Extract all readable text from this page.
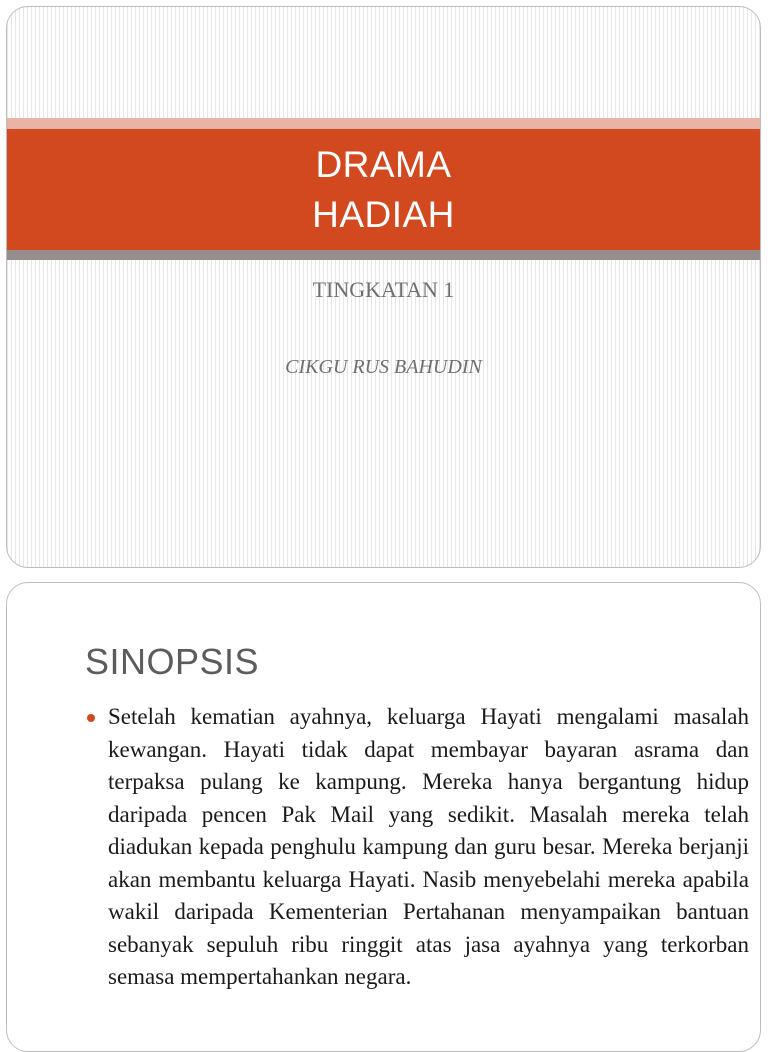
DRAMA
HADIAH
TINGKATAN 1
CIKGU RUS BAHUDIN
SINOPSIS

Setelah kematian ayahnya, keluarga Hayati mengalami masalah kewangan. Hayati tidak dapat membayar bayaran asrama dan terpaksa pulang ke kampung. Mereka hanya bergantung hidup daripada pencen Pak Mail yang sedikit. Masalah mereka telah diadukan kepada penghulu kampung dan guru besar. Mereka berjanji akan membantu keluarga Hayati. Nasib menyebelahi mereka apabila wakil daripada Kementerian Pertahanan menyampaikan bantuan sebanyak sepuluh ribu ringgit atas jasa ayahnya yang terkorban semasa mempertahankan negara.
